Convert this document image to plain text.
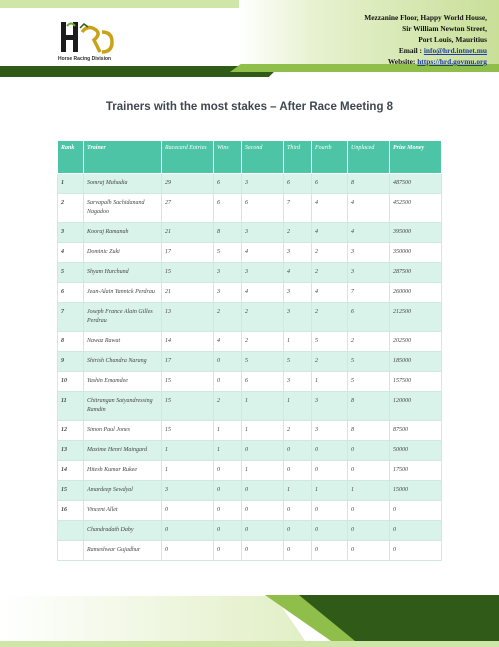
Horse Racing Division
Mezzanine Floor, Happy World House,
Sir William Newton Street,
Port Louis, Mauritius
Email : info@hrd.intnet.mu
Website: https://hrd.govmu.org
Trainers with the most stakes – After Race Meeting 8
Rank	Trainer	Racecard Entries	Wins	Second	Third	Fourth	Unplaced	Prize Money
1	Somraj Mahadia	29	6	3	6	6	8	487500
2	Sarvapalh Sachidanand Nagadoo	27	6	6	7	4	4	452500
3	Kooraj Ramanah	21	8	3	2	4	4	395000
4	Dominic Zuki	17	5	4	3	2	3	350000
5	Shyam Hurchund	15	3	3	4	2	3	287500
6	Jean-Alain Yannick Perdrau	21	3	4	3	4	7	260000
7	Joseph France Alain Gilles Perdrau	13	2	2	3	2	6	212500
8	Nawaz Rawat	14	4	2	1	5	2	202500
9	Shirish Chandra Narang	17	0	5	5	2	5	185000
10	Yashin Emamdee	15	0	6	3	1	5	157500
11	Chitrangan Satyandressing Ramdin	15	2	1	1	3	8	120000
12	Simon Paul Jones	15	1	1	2	3	8	87500
13	Maxime Henri Maingard	1	1	0	0	0	0	50000
14	Hitesh Kumar Rukee	1	0	1	0	0	0	17500
15	Amardeep Sewdyal	3	0	0	1	1	1	15000
16	Vincent Allet	0	0	0	0	0	0	0
	Chandradath Daby	0	0	0	0	0	0	0
	Rameshwar Gujadhur	0	0	0	0	0	0	0
